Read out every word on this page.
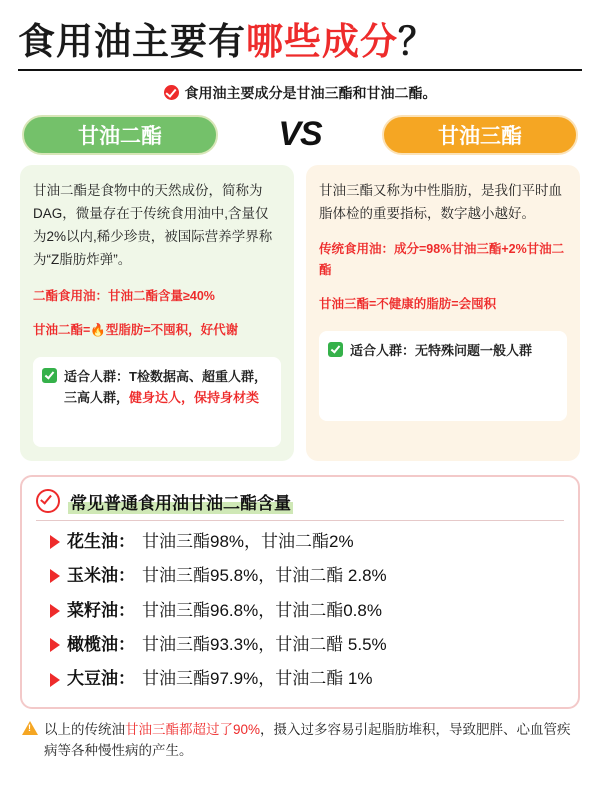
食用油主要有哪些成分？
食用油主要成分是甘油三酯和甘油二酯。
甘油二酯	VS	甘油三酯

甘油二酯是食物中的天然成份，简称为DAG，微量存在于传统食用油中,含量仅为2%以内,稀少珍贵，被国际营养学界称为“Z脂肪炸弹”。

二酯食用油：甘油二酯含量≥40%

甘油二酯=🔥型脂肪=不囤积，好代谢

适合人群：T检数据高、超重人群，三高人群，健身达人，保持身材类

甘油三酯又称为中性脂肪，是我们平时血脂体检的重要指标，数字越小越好。

传统食用油：成分=98%甘油三酯+2%甘油二酯

甘油三酯=不健康的脂肪=会囤积

适合人群：无特殊问题一般人群
常见普通食用油甘油二酯含量
花生油： 甘油三酯98%，甘油二酯2%
玉米油： 甘油三酯95.8%，甘油二酯 2.8%
菜籽油： 甘油三酯96.8%，甘油二酯0.8%
橄榄油： 甘油三酯93.3%，甘油二醋 5.5%
大豆油： 甘油三酯97.9%，甘油二酯 1%
!
以上的传统油甘油三酯都超过了90%，摄入过多容易引起脂肪堆积，导致肥胖、心血管疾病等各种慢性病的产生。
